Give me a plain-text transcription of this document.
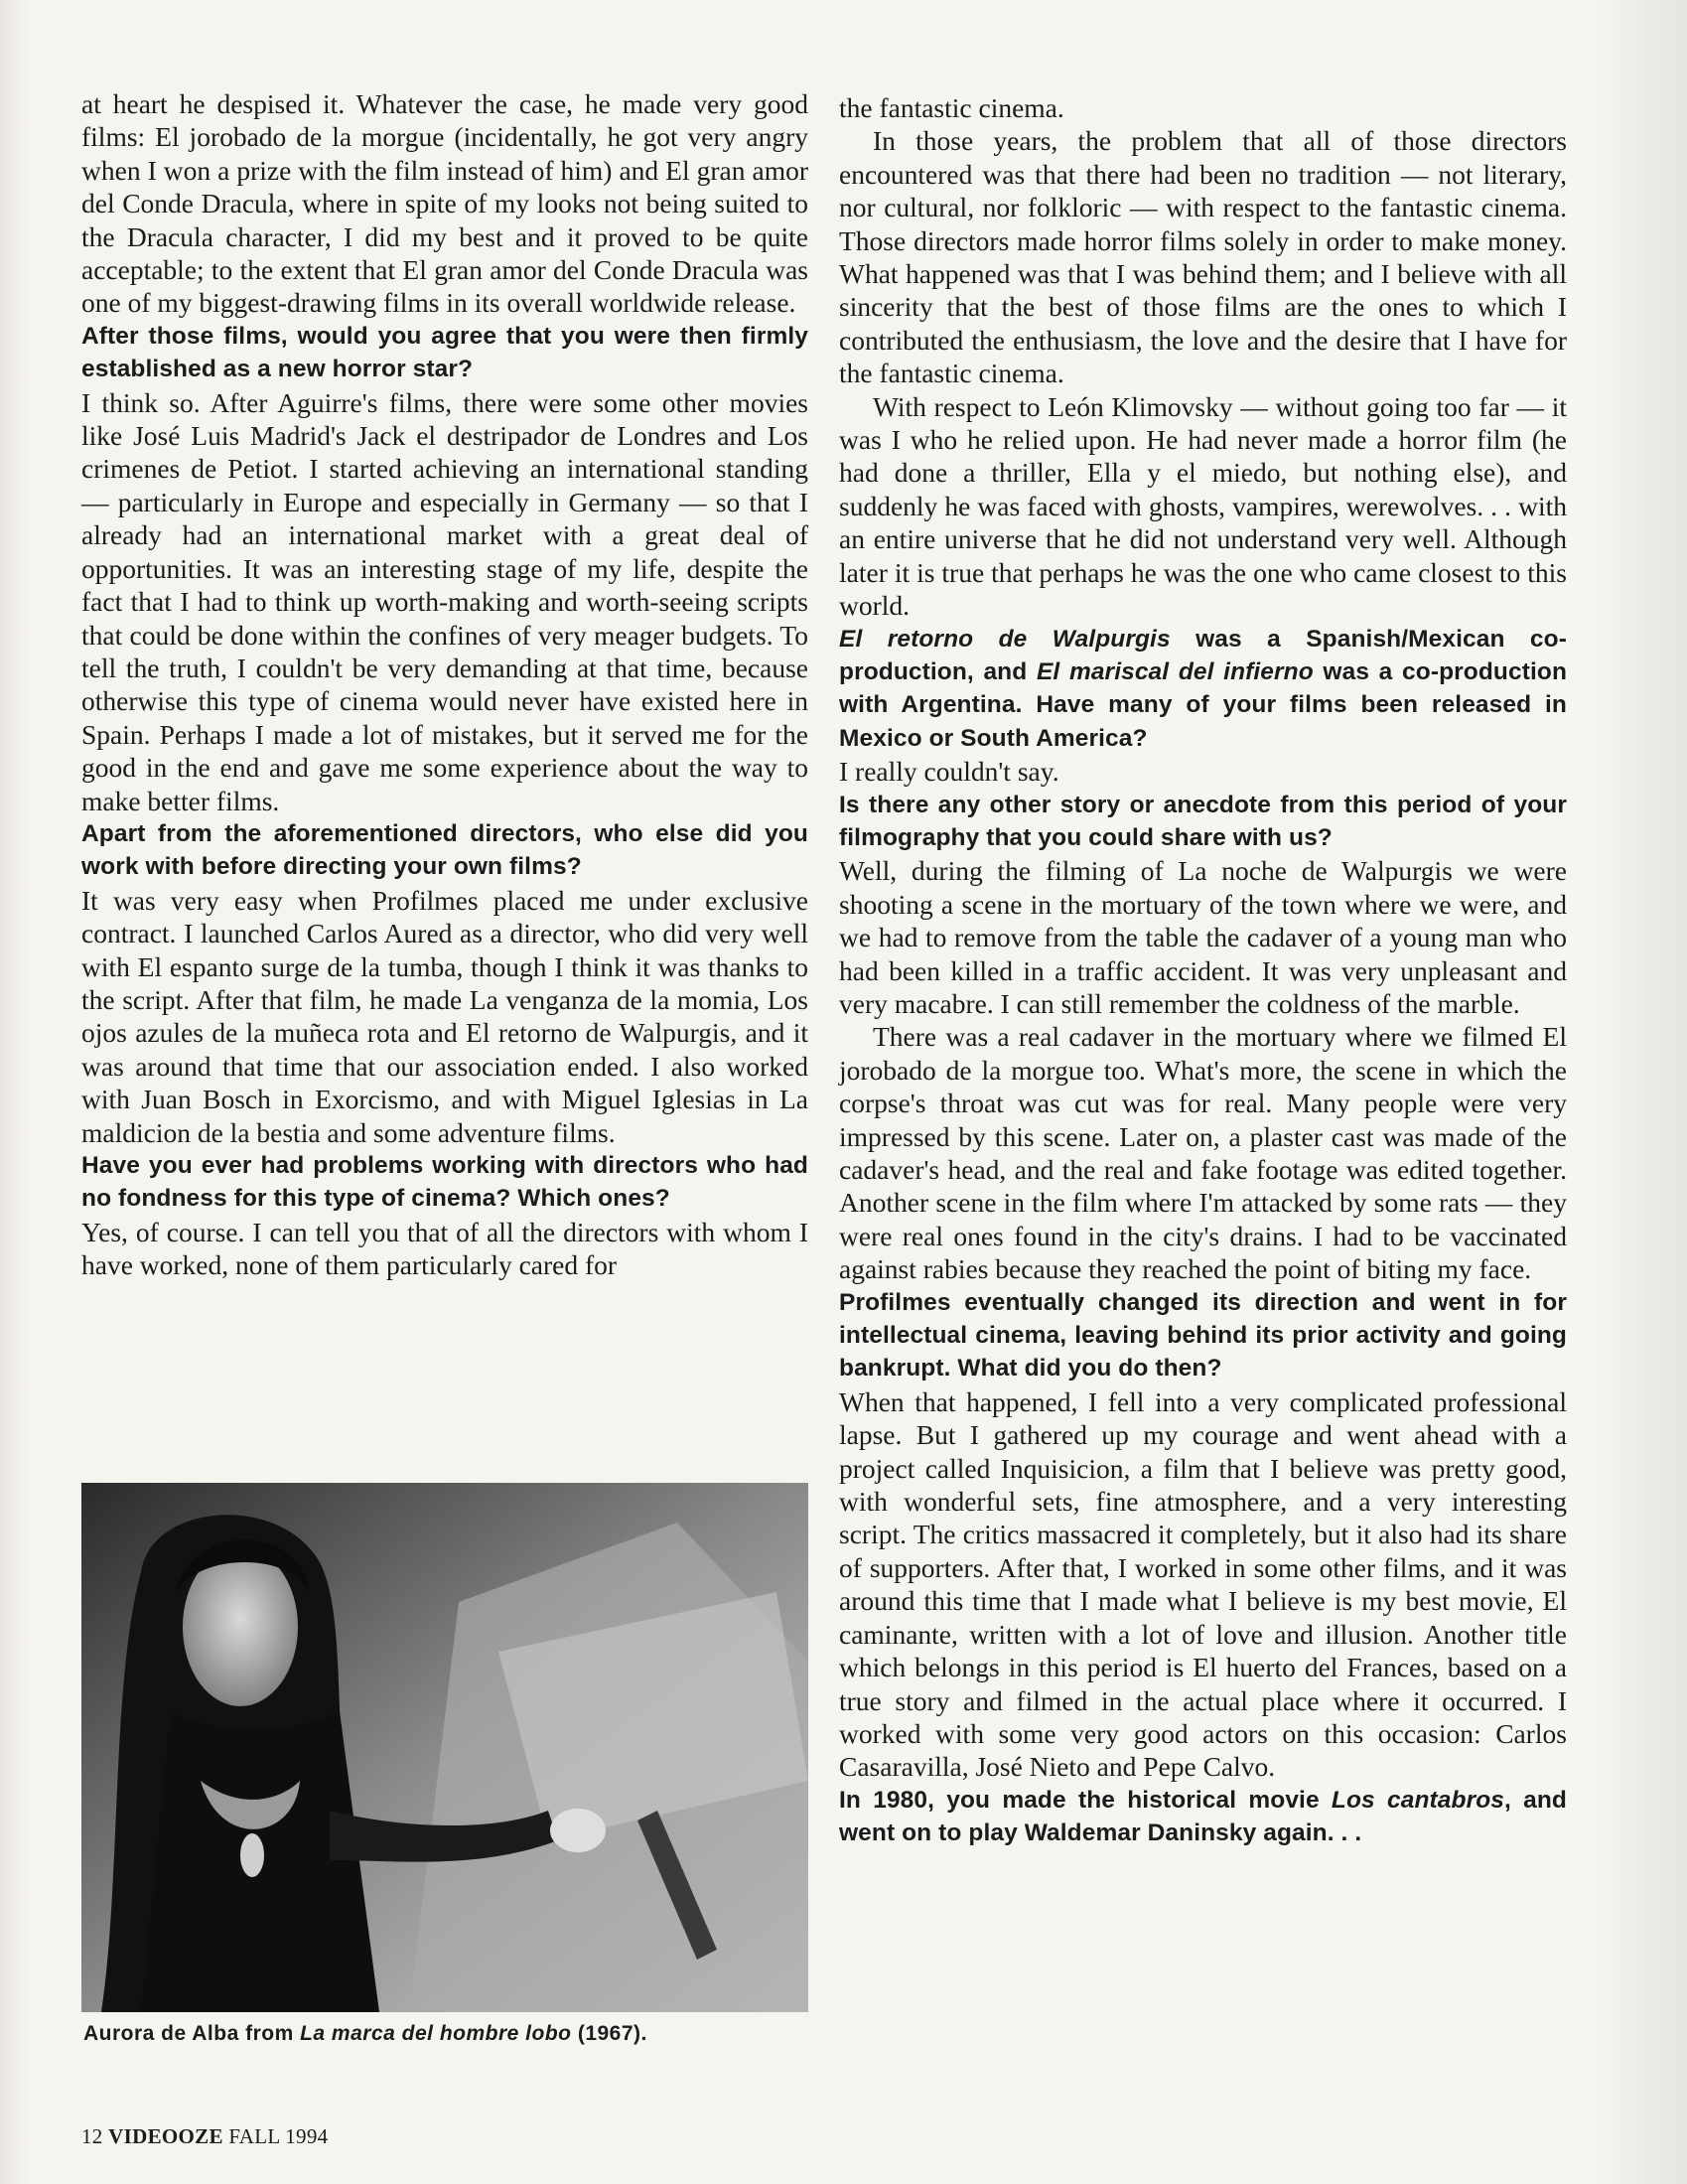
at heart he despised it. Whatever the case, he made very good films: El jorobado de la morgue (incidentally, he got very angry when I won a prize with the film instead of him) and El gran amor del Conde Dracula, where in spite of my looks not being suited to the Dracula character, I did my best and it proved to be quite acceptable; to the extent that El gran amor del Conde Dracula was one of my biggest-drawing films in its overall worldwide release.

After those films, would you agree that you were then firmly established as a new horror star?

I think so. After Aguirre's films, there were some other movies like José Luis Madrid's Jack el destripador de Londres and Los crimenes de Petiot. I started achieving an international standing — particularly in Europe and especially in Germany — so that I already had an international market with a great deal of opportunities. It was an interesting stage of my life, despite the fact that I had to think up worth-making and worth-seeing scripts that could be done within the confines of very meager budgets. To tell the truth, I couldn't be very demanding at that time, because otherwise this type of cinema would never have existed here in Spain. Perhaps I made a lot of mistakes, but it served me for the good in the end and gave me some experience about the way to make better films.

Apart from the aforementioned directors, who else did you work with before directing your own films?

It was very easy when Profilmes placed me under exclusive contract. I launched Carlos Aured as a director, who did very well with El espanto surge de la tumba, though I think it was thanks to the script. After that film, he made La venganza de la momia, Los ojos azules de la muñeca rota and El retorno de Walpurgis, and it was around that time that our association ended. I also worked with Juan Bosch in Exorcismo, and with Miguel Iglesias in La maldicion de la bestia and some adventure films.

Have you ever had problems working with directors who had no fondness for this type of cinema? Which ones?

Yes, of course. I can tell you that of all the directors with whom I have worked, none of them particularly cared for

Aurora de Alba from La marca del hombre lobo (1967).

the fantastic cinema.

In those years, the problem that all of those directors encountered was that there had been no tradition — not literary, nor cultural, nor folkloric — with respect to the fantastic cinema. Those directors made horror films solely in order to make money. What happened was that I was behind them; and I believe with all sincerity that the best of those films are the ones to which I contributed the enthusiasm, the love and the desire that I have for the fantastic cinema.

With respect to León Klimovsky — without going too far — it was I who he relied upon. He had never made a horror film (he had done a thriller, Ella y el miedo, but nothing else), and suddenly he was faced with ghosts, vampires, werewolves. . . with an entire universe that he did not understand very well. Although later it is true that perhaps he was the one who came closest to this world.

El retorno de Walpurgis was a Spanish/Mexican co-production, and El mariscal del infierno was a co-production with Argentina. Have many of your films been released in Mexico or South America?

I really couldn't say.

Is there any other story or anecdote from this period of your filmography that you could share with us?

Well, during the filming of La noche de Walpurgis we were shooting a scene in the mortuary of the town where we were, and we had to remove from the table the cadaver of a young man who had been killed in a traffic accident. It was very unpleasant and very macabre. I can still remember the coldness of the marble.

There was a real cadaver in the mortuary where we filmed El jorobado de la morgue too. What's more, the scene in which the corpse's throat was cut was for real. Many people were very impressed by this scene. Later on, a plaster cast was made of the cadaver's head, and the real and fake footage was edited together. Another scene in the film where I'm attacked by some rats — they were real ones found in the city's drains. I had to be vaccinated against rabies because they reached the point of biting my face.

Profilmes eventually changed its direction and went in for intellectual cinema, leaving behind its prior activity and going bankrupt. What did you do then?

When that happened, I fell into a very complicated professional lapse. But I gathered up my courage and went ahead with a project called Inquisicion, a film that I believe was pretty good, with wonderful sets, fine atmosphere, and a very interesting script. The critics massacred it completely, but it also had its share of supporters. After that, I worked in some other films, and it was around this time that I made what I believe is my best movie, El caminante, written with a lot of love and illusion. Another title which belongs in this period is El huerto del Frances, based on a true story and filmed in the actual place where it occurred. I worked with some very good actors on this occasion: Carlos Casaravilla, José Nieto and Pepe Calvo.

In 1980, you made the historical movie Los cantabros, and went on to play Waldemar Daninsky again. . .

12 VIDEOOZE FALL 1994
